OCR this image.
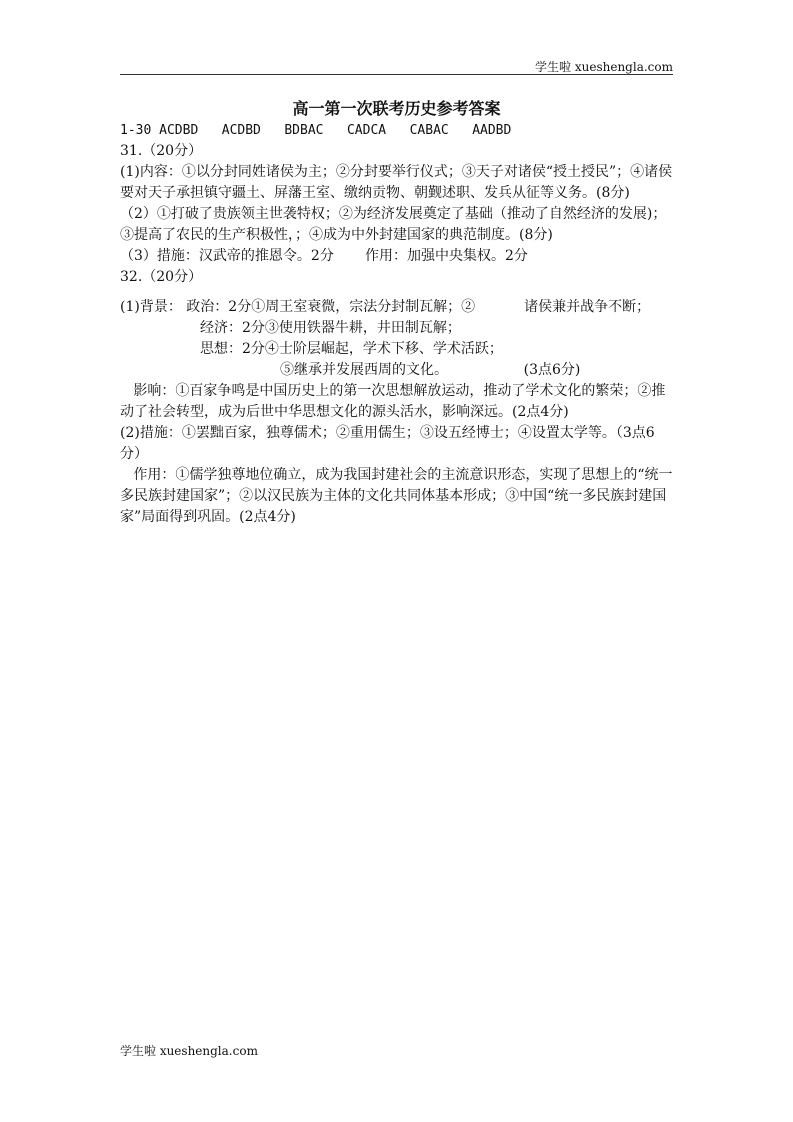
学生啦 xueshengla.com
高一第一次联考历史参考答案
1-30 ACDBD   ACDBD   BDBAC   CADCA   CABAC   AADBD
31.（20分）
(1)内容：①以分封同姓诸侯为主；②分封要举行仪式；③天子对诸侯“授土授民”；④诸侯要对天子承担镇守疆土、屏藩王室、缴纳贡物、朝觐述职、发兵从征等义务。(8分)
（2）①打破了贵族领主世袭特权；②为经济发展奠定了基础（推动了自然经济的发展)；③提高了农民的生产积极性，；④成为中外封建国家的典范制度。(8分)
（3）措施：汉武帝的推恩令。2分       作用：加强中央集权。2分
32.（20分）
(1)背景： 政治：2分①周王室衰微，宗法分封制瓦解；②           诸侯兼并战争不断；
经济：2分③使用铁器牛耕，井田制瓦解；
思想：2分④士阶层崛起，学术下移、学术活跃；
⑤继承并发展西周的文化。                 (3点6分)
影响：①百家争鸣是中国历史上的第一次思想解放运动，推动了学术文化的繁荣；②推动了社会转型，成为后世中华思想文化的源头活水，影响深远。(2点4分)
(2)措施：①罢黜百家，独尊儒术；②重用儒生；③设五经博士；④设置太学等。（3点6分）
作用：①儒学独尊地位确立，成为我国封建社会的主流意识形态，实现了思想上的“统一多民族封建国家”；②以汉民族为主体的文化共同体基本形成；③中国“统一多民族封建国家”局面得到巩固。(2点4分)
学生啦 xueshengla.com
